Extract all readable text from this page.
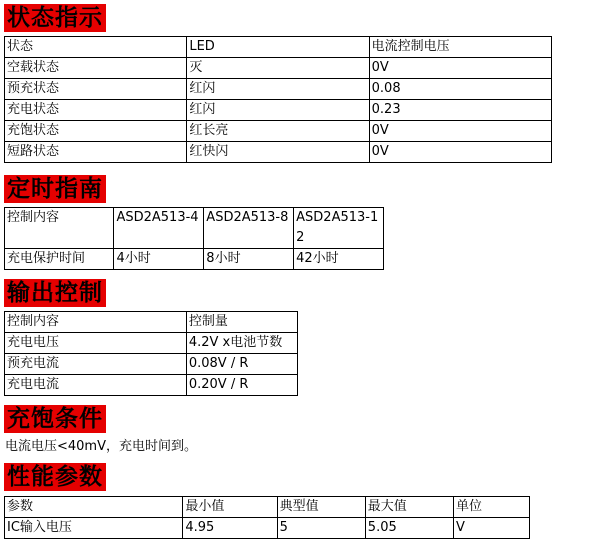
状态指示
状态	LED	电流控制电压
空载状态	灭	0V
预充状态	红闪	0.08
充电状态	红闪	0.23
充饱状态	红长亮	0V
短路状态	红快闪	0V
定时指南
控制内容	ASD2A513-4	ASD2A513-8	ASD2A513-12
充电保护时间	4小时	8小时	42小时
输出控制
控制内容	控制量
充电电压	4.2V x电池节数
预充电流	0.08V / R
充电电流	0.20V / R
充饱条件
电流电压<40mV，充电时间到。
性能参数
参数	最小值	典型值	最大值	单位
IC输入电压	4.95	5	5.05	V
